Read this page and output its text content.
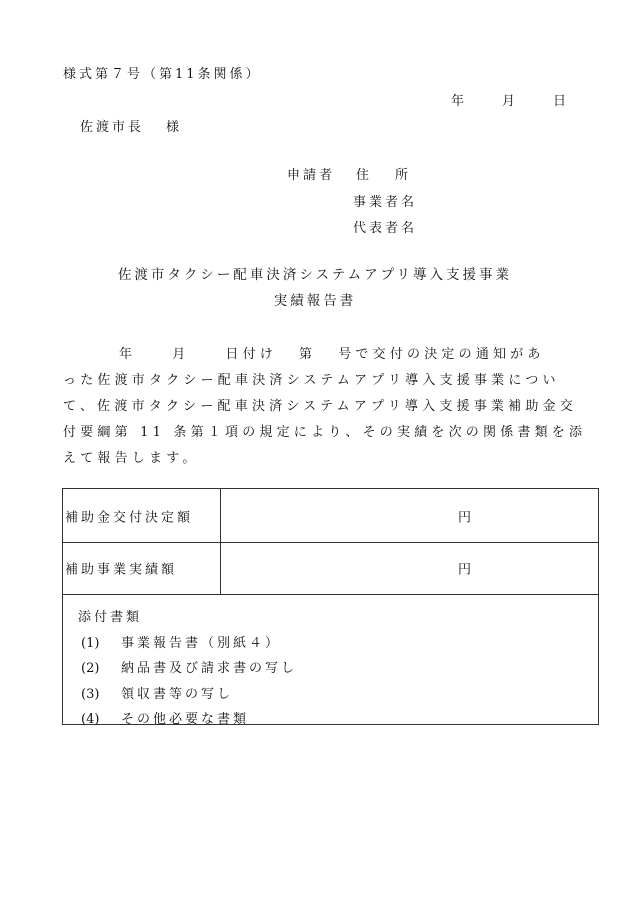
様式第７号（第11条関係）
年	月	日
佐渡市長 様
申請者 住 所
事業者名
代表者名
佐渡市タクシー配車決済システムアプリ導入支援事業
実績報告書
年	月	日付け 第 号で交付の決定の通知があ
った佐渡市タクシー配車決済システムアプリ導入支援事業につい
て、佐渡市タクシー配車決済システムアプリ導入支援事業補助金交
付要綱第 11 条第１項の規定により、その実績を次の関係書類を添
えて報告します。
補助金交付決定額	円
補助事業実績額	円
添付書類
(1) 事業報告書（別紙４）
(2) 納品書及び請求書の写し
(3) 領収書等の写し
(4) その他必要な書類
